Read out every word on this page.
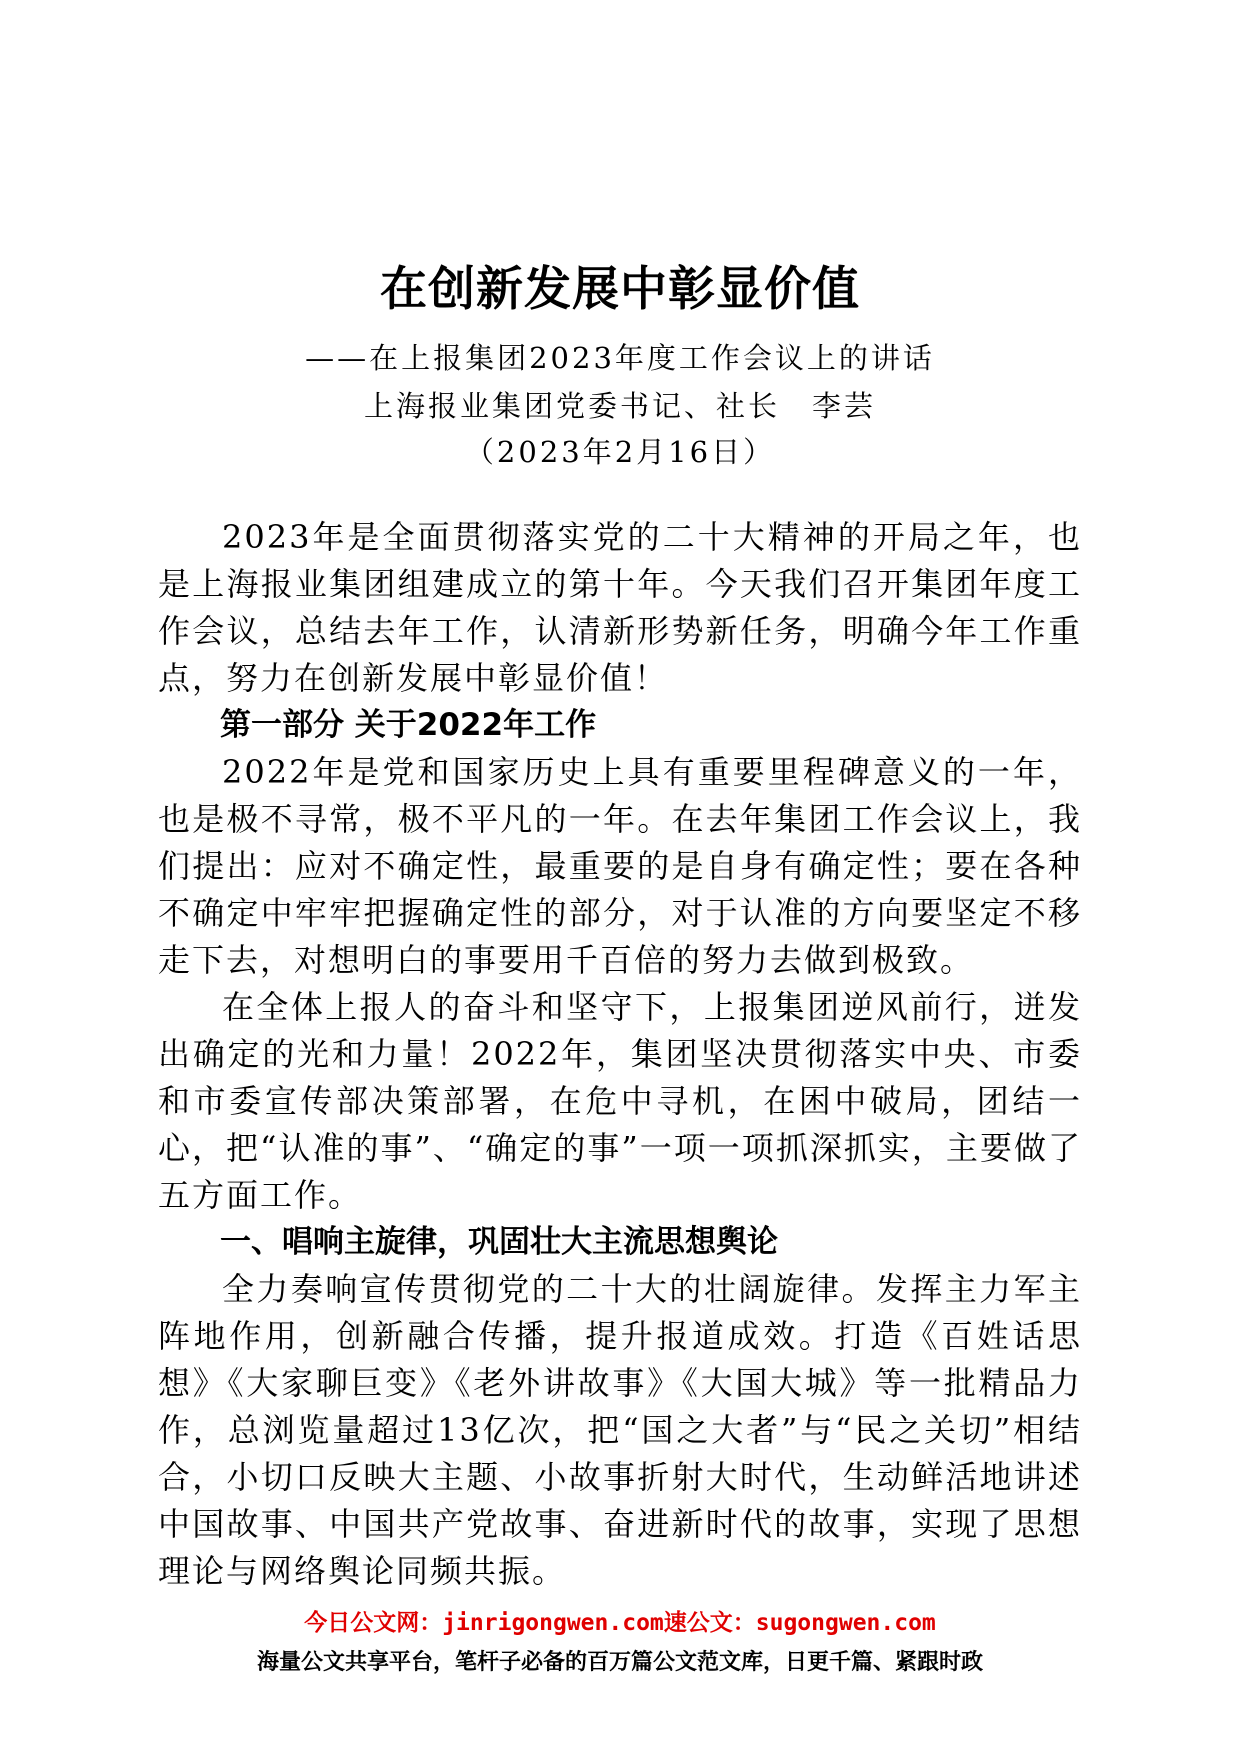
在创新发展中彰显价值
——在上报集团2023年度工作会议上的讲话
上海报业集团党委书记、社长　李芸
（2023年2月16日）

2023年是全面贯彻落实党的二十大精神的开局之年，也是上海报业集团组建成立的第十年。今天我们召开集团年度工作会议，总结去年工作，认清新形势新任务，明确今年工作重点，努力在创新发展中彰显价值！

第一部分 关于2022年工作

2022年是党和国家历史上具有重要里程碑意义的一年，也是极不寻常，极不平凡的一年。在去年集团工作会议上，我们提出：应对不确定性，最重要的是自身有确定性；要在各种不确定中牢牢把握确定性的部分，对于认准的方向要坚定不移走下去，对想明白的事要用千百倍的努力去做到极致。

在全体上报人的奋斗和坚守下，上报集团逆风前行，迸发出确定的光和力量！2022年，集团坚决贯彻落实中央、市委和市委宣传部决策部署，在危中寻机，在困中破局，团结一心，把“认准的事”、“确定的事”一项一项抓深抓实，主要做了五方面工作。

一、唱响主旋律，巩固壮大主流思想舆论

全力奏响宣传贯彻党的二十大的壮阔旋律。发挥主力军主阵地作用，创新融合传播，提升报道成效。打造《百姓话思想》《大家聊巨变》《老外讲故事》《大国大城》等一批精品力作，总浏览量超过13亿次，把“国之大者”与“民之关切”相结合，小切口反映大主题、小故事折射大时代，生动鲜活地讲述中国故事、中国共产党故事、奋进新时代的故事，实现了思想理论与网络舆论同频共振。

今日公文网：jinrigongwen.com速公文：sugongwen.com
海量公文共享平台，笔杆子必备的百万篇公文范文库，日更千篇、紧跟时政
